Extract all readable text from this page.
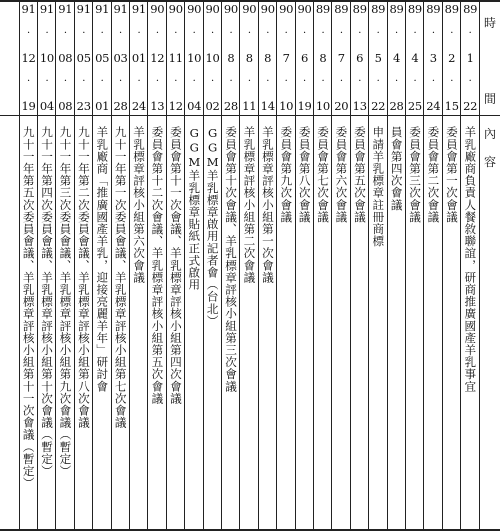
時
間
內
容
89
·
1
·
22
羊乳廠商負責人餐敘聯誼，研商推廣國產羊乳事宜
89
·
2
·
15
委員會第一次會議
89
·
3
·
24
委員會第二次會議
89
·
4
·
25
委員會第三次會議
89
·
4
·
28
員會第四次會議
89
·
5
·
22
申請羊乳標章註冊商標
89
·
6
·
13
委員會第五次會議
89
·
7
·
20
委員會第六次會議
89
·
8
·
10
委員會第七次會議
90
·
6
·
19
委員會第八次會議
90
·
7
·
10
委員會第九次會議
90
·
8
·
14
羊乳標章評核小組第一次會議
90
·
8
·
11
羊乳標章評核小組第二次會議
90
·
8
·
28
委員會第十次會議、羊乳標章評核小組第三次會議
90
·
10
·
02
GGM羊乳標章啟用記者會（台北）
90
·
10
·
04
GGM羊乳標章貼紙正式啟用
90
·
11
·
12
委員會第十一次會議、羊乳標章評核小組第四次會議
90
·
12
·
13
委員會第十二次會議、羊乳標章評核小組第五次會議
91
·
01
·
24
羊乳標章評核小組第六次會議
91
·
03
·
28
九十一年第一次委員會議、羊乳標章評核小組第七次會議
91
·
05
·
01
羊乳廠商「推廣國產羊乳，迎接亮麗羊年」研討會
91
·
05
·
23
九十一年第二次委員會議、羊乳標章評核小組第八次會議
91
·
08
·
08
九十一年第三次委員會議、羊乳標章評核小組第九次會議（暫定）
91
·
10
·
04
九十一年第四次委員會議、羊乳標章評核小組第十次會議（暫定）
91
·
12
·
19
九十一年第五次委員會議、羊乳標章評核小組第十一次會議（暫定）
